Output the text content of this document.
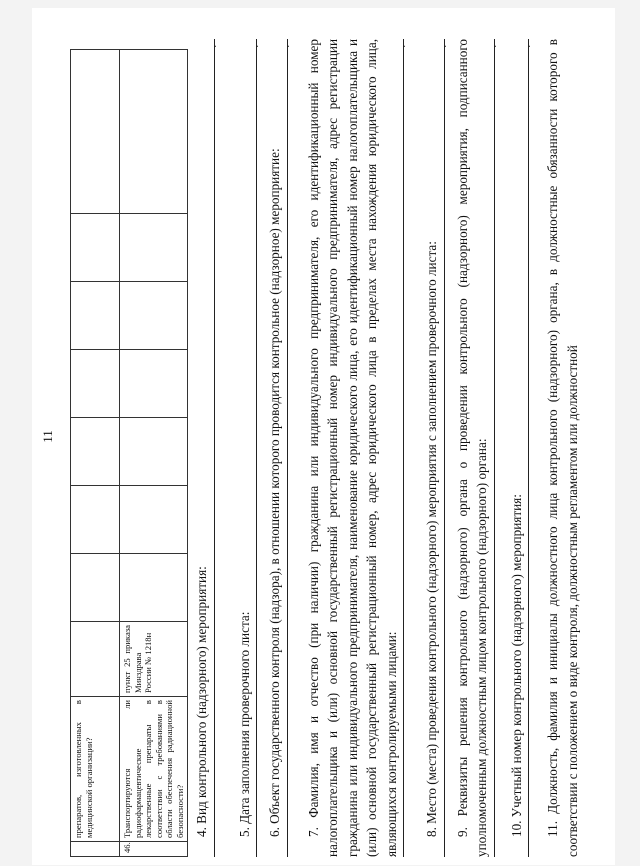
11
	препаратов, изготовленных в медицинской организации?								
46.	Транспортируются ли радиофармацевтические лекарственные препараты в соответствии с требованиями в области обеспечения радиационной безопасности?	пункт 25 приказа Минздрава России № 1218н								4. Вид контрольного (надзорного) мероприятия:

.

5. Дата заполнения проверочного листа:

.

6. Объект государственного контроля (надзора), в отношении которого проводится контрольное (надзорное) мероприятие:

.	7. Фамилия, имя и отчество (при наличии) гражданина или индивидуального предпринимателя, его идентификационный номер налогоплательщика и (или) основной государственный регистрационный номер индивидуального предпринимателя, адрес регистрации гражданина или индивидуального предпринимателя, наименование юридического лица, его идентификационный номер налогоплательщика и (или) основной государственный регистрационный номер, адрес юридического лица в пределах места нахождения юридического лица, являющихся контролируемыми лицами:

.

8. Место (места) проведения контрольного (надзорного) мероприятия с заполнением проверочного листа:

. 9. Реквизиты решения контрольного (надзорного) органа о проведении контрольного (надзорного) мероприятия, подписанного уполномоченным должностным лицом контрольного (надзорного) органа:

.

10. Учетный номер контрольного (надзорного) мероприятия:

. 11. Должность, фамилия и инициалы должностного лица контрольного (надзорного) органа, в должностные обязанности которого в соответствии с положением о виде контроля, должностным регламентом или должностной
